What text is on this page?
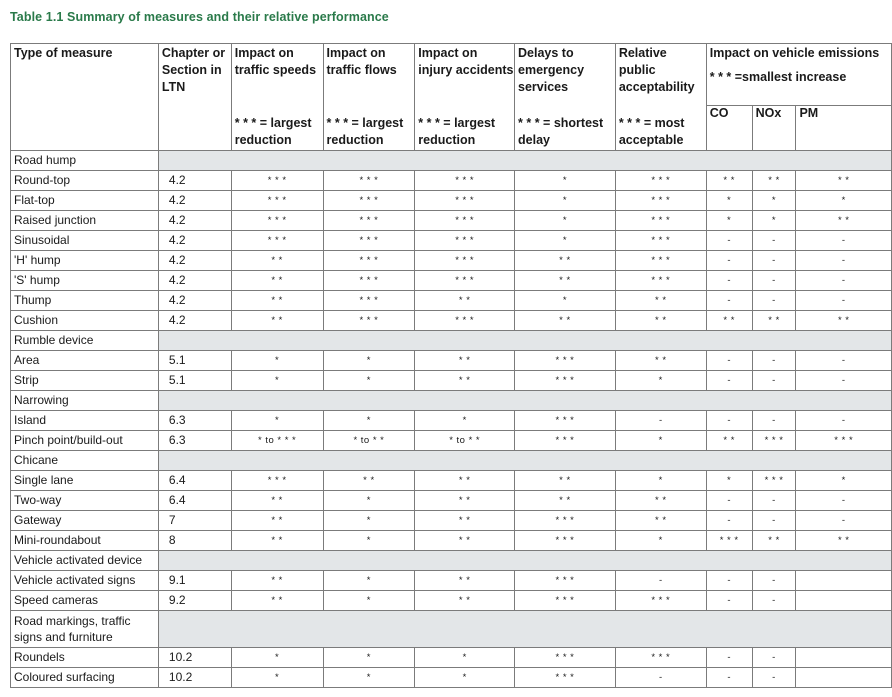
Table 1.1 Summary of measures and their relative performance
Type of measure	Chapter or Section in LTN	Impact on traffic speeds	Impact on traffic flows	Impact on injury accidents	Delays to emergency services	Relative public acceptability	Impact on vehicle emissions
* * * =smallest increase		

		* * * = largest reduction	* * * = largest reduction	* * * = largest reduction	* * * = shortest delay	* * * = most acceptable	CO	NOx	PM

Road hump									
Round-top	4.2	* * *	* * *	* * *	*	* * *	* *	* *	* *
Flat-top	4.2	* * *	* * *	* * *	*	* * *	*	*	*
Raised junction	4.2	* * *	* * *	* * *	*	* * *	*	*	* *
Sinusoidal	4.2	* * *	* * *	* * *	*	* * *	-	-	-
'H' hump	4.2	* *	* * *	* * *	* *	* * *	-	-	-
'S' hump	4.2	* *	* * *	* * *	* *	* * *	-	-	-
Thump	4.2	* *	* * *	* *	*	* *	-	-	-
Cushion	4.2	* *	* * *	* * *	* *	* *	* *	* *	* *
Rumble device									
Area	5.1	*	*	* *	* * *	* *	-	-	-
Strip	5.1	*	*	* *	* * *	*	-	-	-
Narrowing									
Island	6.3	*	*	*	* * *	-	-	-	-
Pinch point/build-out	6.3	* to * * *	* to * *	* to * *	* * *	*	* *	* * *	* * *
Chicane									
Single lane	6.4	* * *	* *	* *	* *	*	*	* * *	*
Two-way	6.4	* *	*	* *	* *	* *	-	-	-
Gateway	7	* *	*	* *	* * *	* *	-	-	-
Mini-roundabout	8	* *	*	* *	* * *	*	* * *	* *	* *
Vehicle activated device									
Vehicle activated signs	9.1	* *	*	* *	* * *	-	-	-	
Speed cameras	9.2	* *	*	* *	* * *	* * *	-	-	
Road markings, traffic signs and furniture									
Roundels	10.2	*	*	*	* * *	* * *	-	-	
Coloured surfacing	10.2	*	*	*	* * *	-	-	-	
